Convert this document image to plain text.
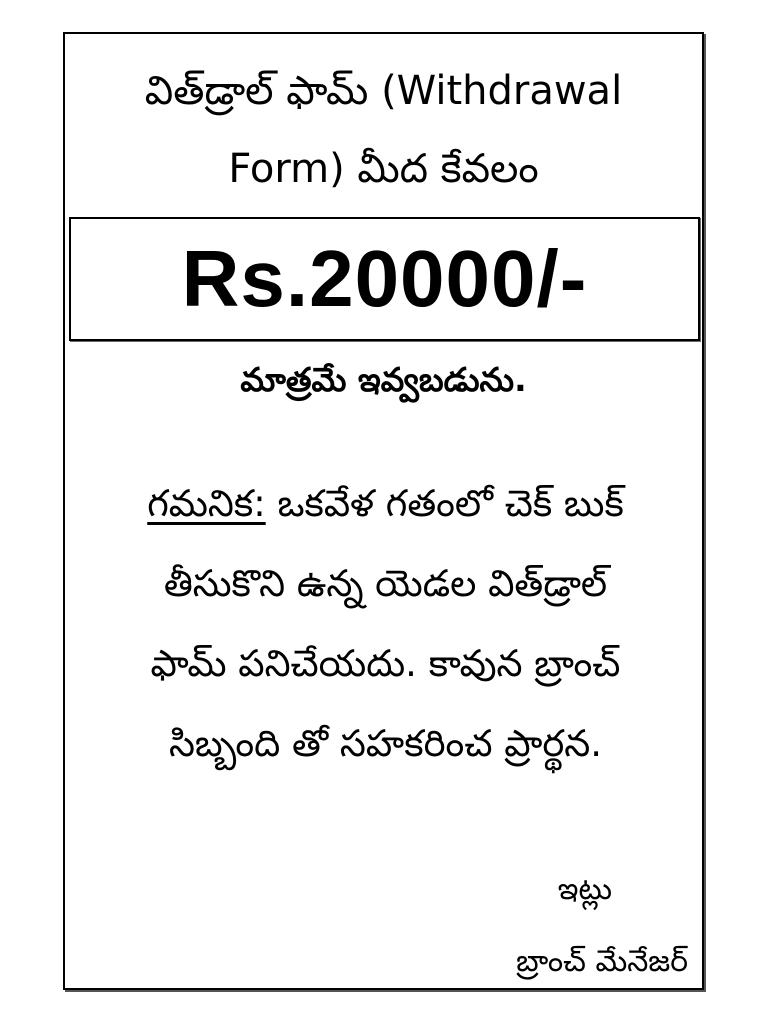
విత్‌డ్రాల్ ఫామ్ (Withdrawal
Form) మీద కేవలం
Rs.20000/-
మాత్రమే ఇవ్వబడును.
గమనిక: ఒకవేళ గతంలో చెక్ బుక్
తీసుకొని ఉన్న యెడల విత్‌డ్రాల్
ఫామ్ పనిచేయదు. కావున బ్రాంచ్
సిబ్బంది తో సహకరించ ప్రార్థన.
ఇట్లు
బ్రాంచ్ మేనేజర్
